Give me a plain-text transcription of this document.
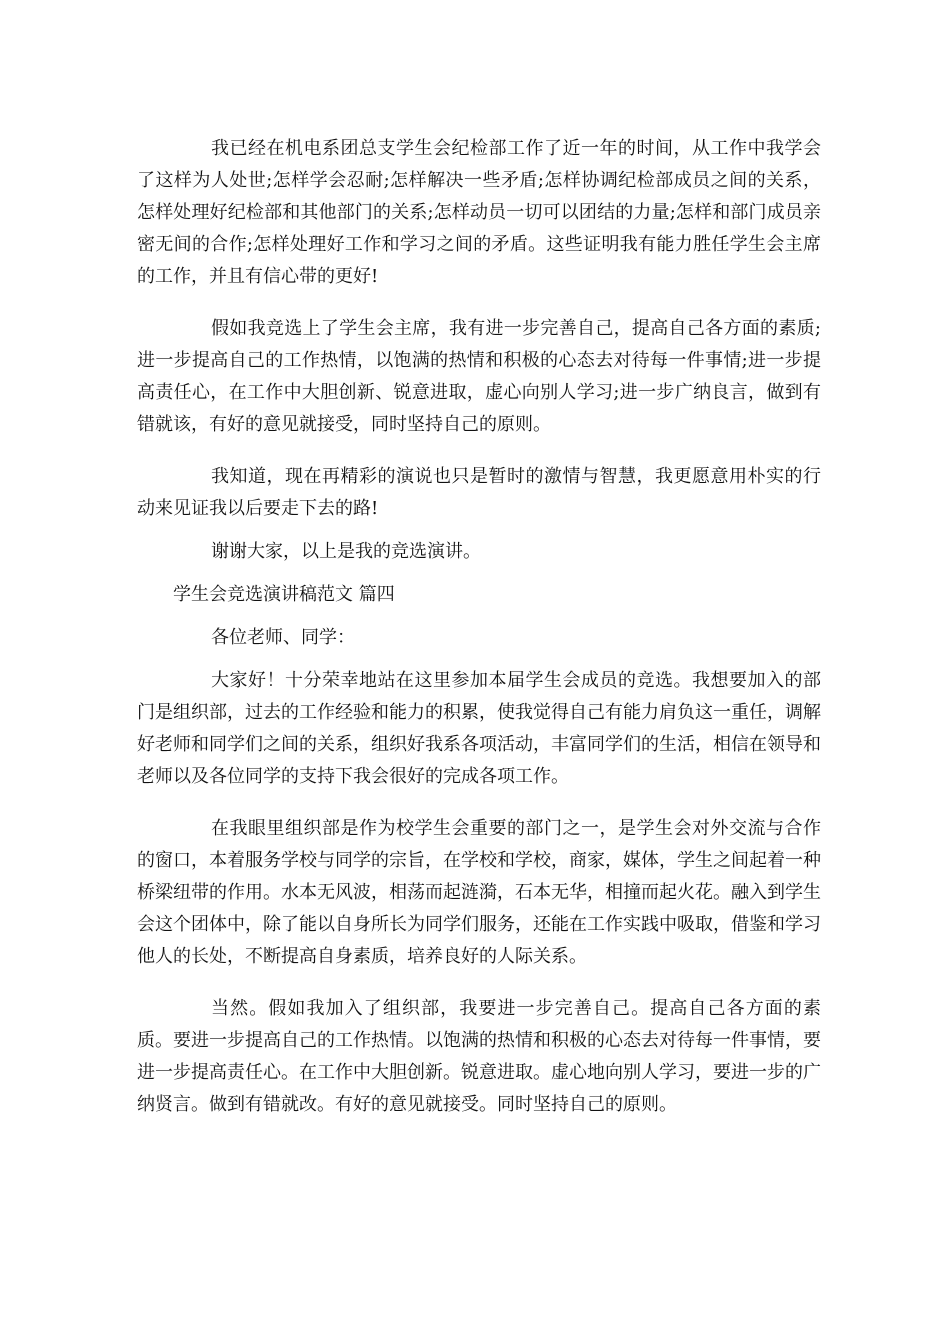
我已经在机电系团总支学生会纪检部工作了近一年的时间，从工作中我学会了这样为人处世;怎样学会忍耐;怎样解决一些矛盾;怎样协调纪检部成员之间的关系，怎样处理好纪检部和其他部门的关系;怎样动员一切可以团结的力量;怎样和部门成员亲密无间的合作;怎样处理好工作和学习之间的矛盾。这些证明我有能力胜任学生会主席的工作，并且有信心带的更好!

假如我竞选上了学生会主席，我有进一步完善自己，提高自己各方面的素质;进一步提高自己的工作热情，以饱满的热情和积极的心态去对待每一件事情;进一步提高责任心，在工作中大胆创新、锐意进取，虚心向别人学习;进一步广纳良言，做到有错就该，有好的意见就接受，同时坚持自己的原则。

我知道，现在再精彩的演说也只是暂时的激情与智慧，我更愿意用朴实的行动来见证我以后要走下去的路!

谢谢大家，以上是我的竞选演讲。

学生会竞选演讲稿范文 篇四

各位老师、同学：

大家好！十分荣幸地站在这里参加本届学生会成员的竞选。我想要加入的部门是组织部，过去的工作经验和能力的积累，使我觉得自己有能力肩负这一重任，调解好老师和同学们之间的关系，组织好我系各项活动，丰富同学们的生活，相信在领导和老师以及各位同学的支持下我会很好的完成各项工作。

在我眼里组织部是作为校学生会重要的部门之一，是学生会对外交流与合作的窗口，本着服务学校与同学的宗旨，在学校和学校，商家，媒体，学生之间起着一种桥梁纽带的作用。水本无风波，相荡而起涟漪，石本无华，相撞而起火花。融入到学生会这个团体中，除了能以自身所长为同学们服务，还能在工作实践中吸取，借鉴和学习他人的长处，不断提高自身素质，培养良好的人际关系。

当然。假如我加入了组织部，我要进一步完善自己。提高自己各方面的素质。要进一步提高自己的工作热情。以饱满的热情和积极的心态去对待每一件事情，要进一步提高责任心。在工作中大胆创新。锐意进取。虚心地向别人学习，要进一步的广纳贤言。做到有错就改。有好的意见就接受。同时坚持自己的原则。
